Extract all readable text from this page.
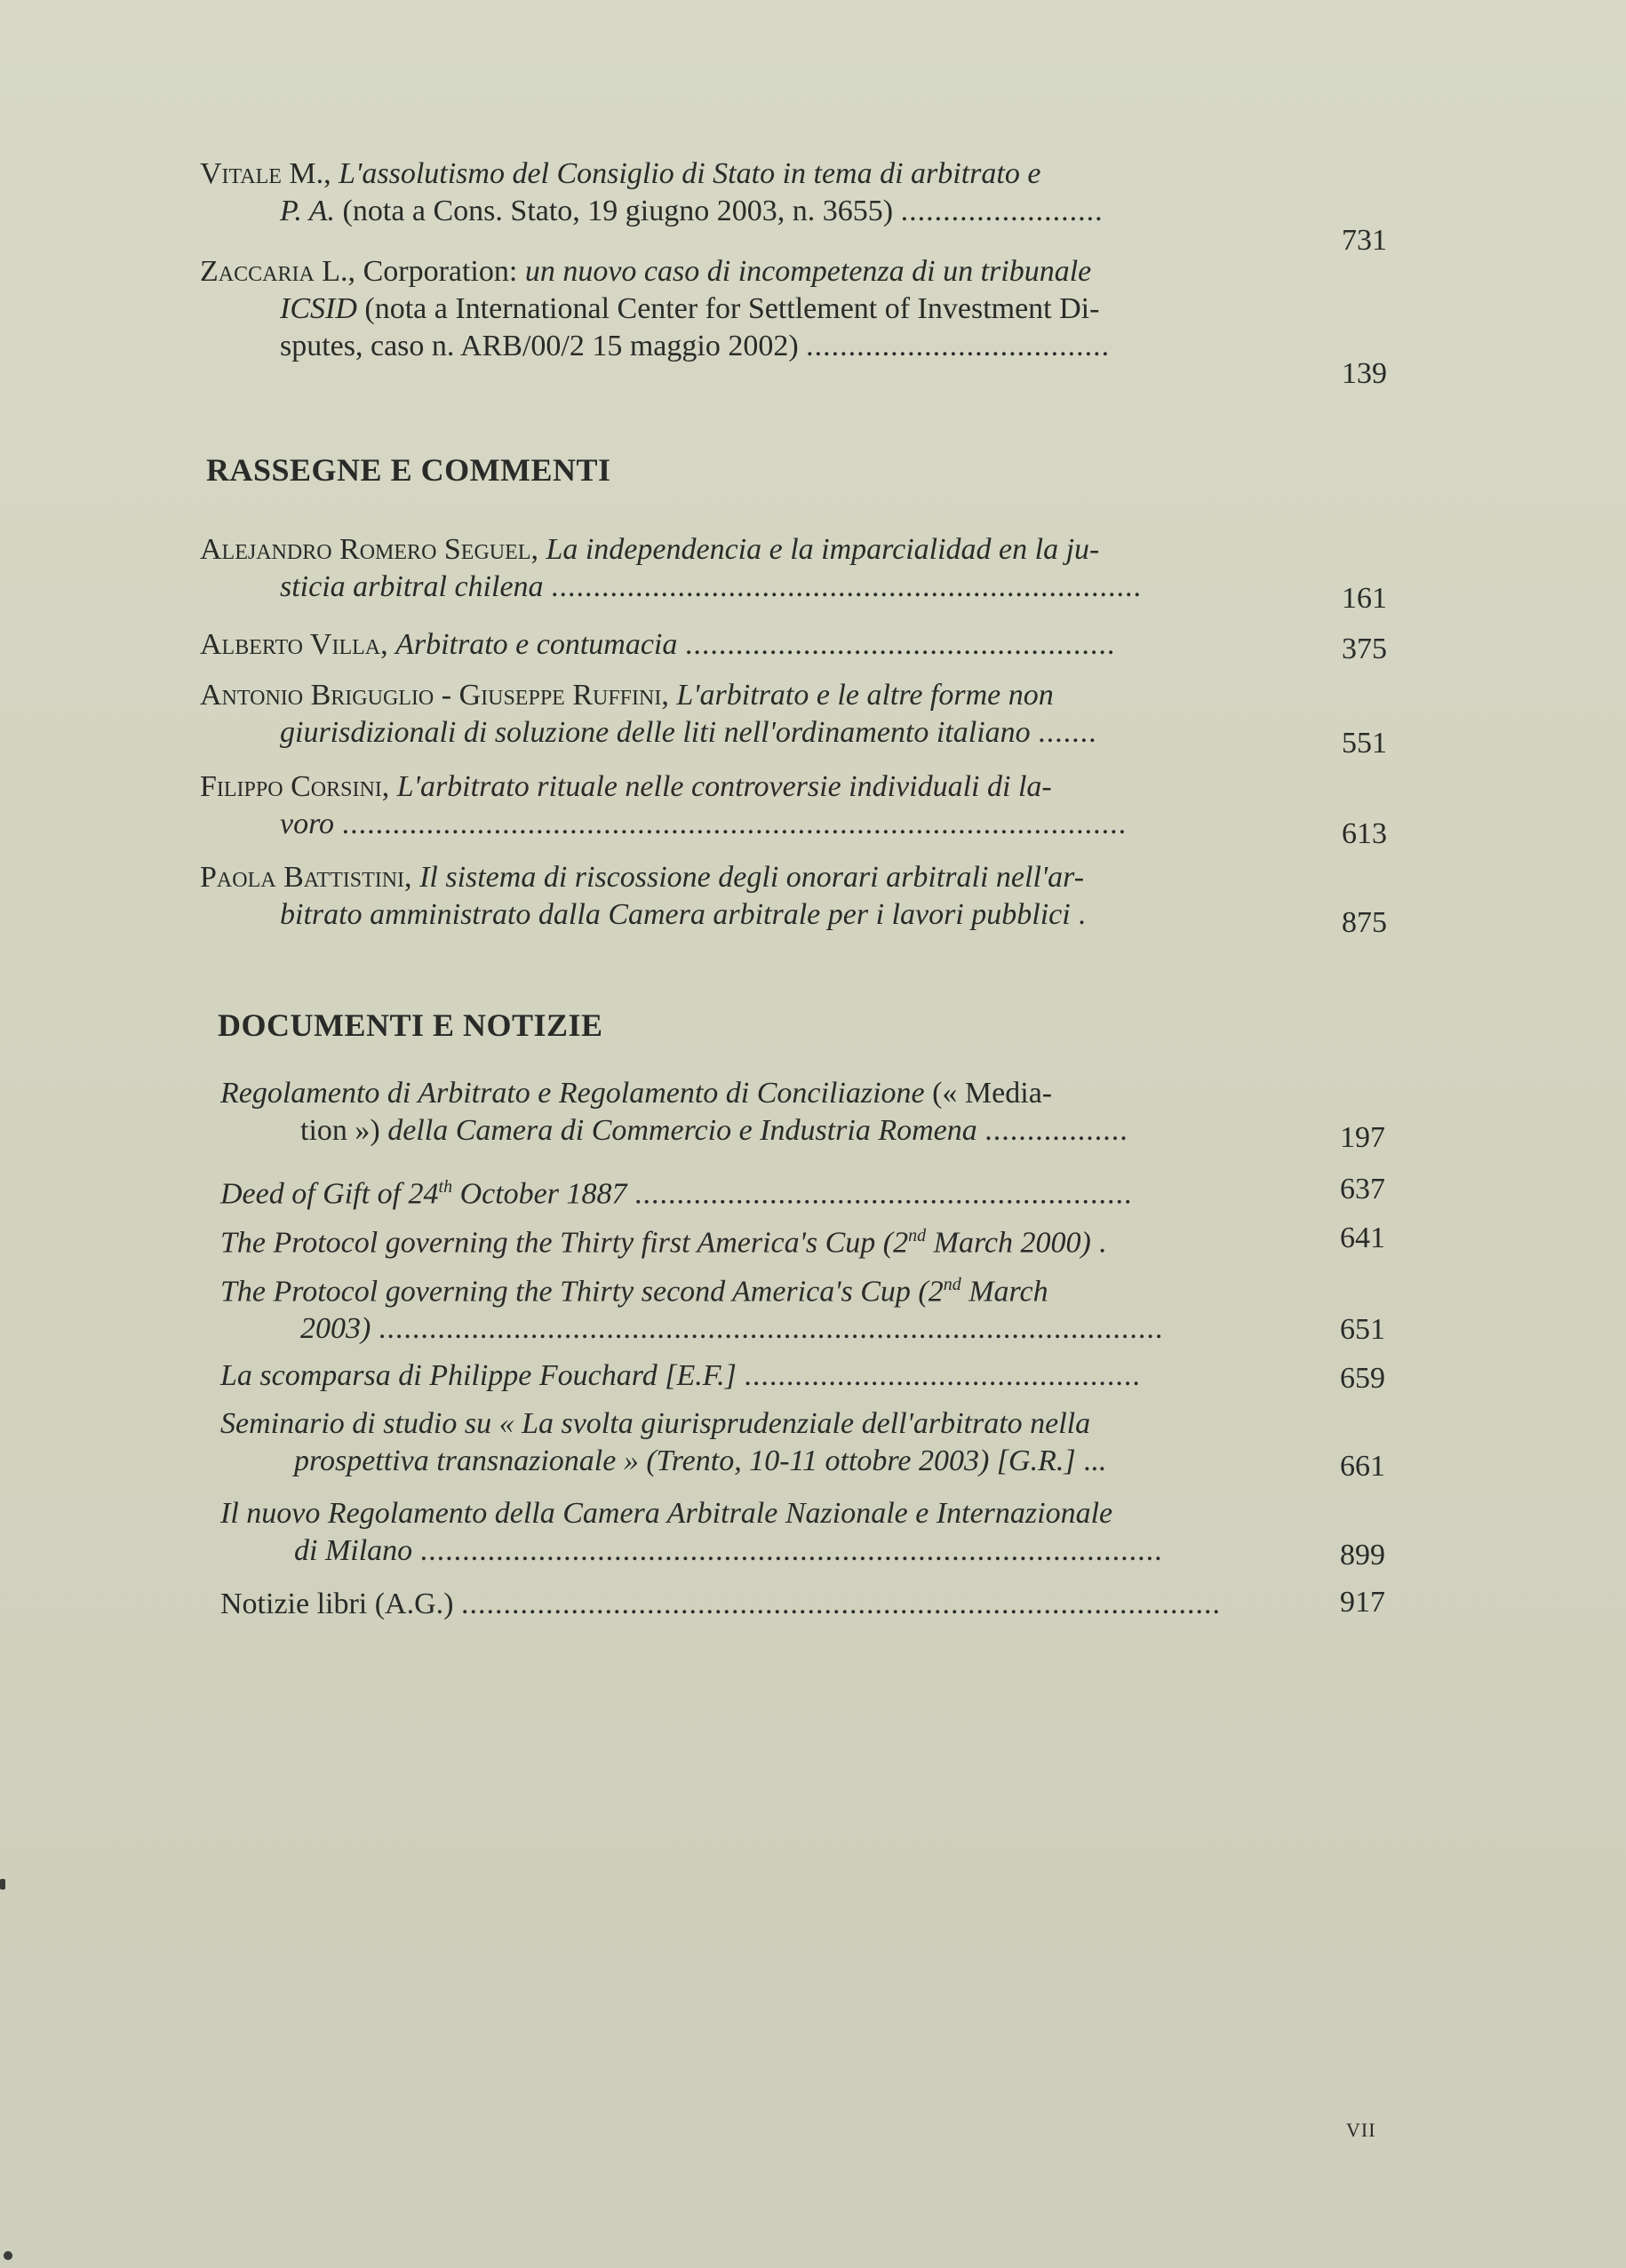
Vitale M., L'assolutismo del Consiglio di Stato in tema di arbitrato e
P. A. (nota a Cons. Stato, 19 giugno 2003, n. 3655) ........................
731
Zaccaria L., Corporation: un nuovo caso di incompetenza di un tribunale
ICSID (nota a International Center for Settlement of Investment Di-
sputes, caso n. ARB/00/2 15 maggio 2002) ....................................
139
RASSEGNE E COMMENTI
Alejandro Romero Seguel, La independencia e la imparcialidad en la ju-
sticia arbitral chilena ......................................................................	161
Alberto Villa, Arbitrato e contumacia ...................................................	375
Antonio Briguglio - Giuseppe Ruffini, L'arbitrato e le altre forme non
giurisdizionali di soluzione delle liti nell'ordinamento italiano .......	551
Filippo Corsini, L'arbitrato rituale nelle controversie individuali di la-
voro .............................................................................................	613
Paola Battistini, Il sistema di riscossione degli onorari arbitrali nell'ar-
bitrato amministrato dalla Camera arbitrale per i lavori pubblici .	875
DOCUMENTI E NOTIZIE
Regolamento di Arbitrato e Regolamento di Conciliazione (« Media-
tion ») della Camera di Commercio e Industria Romena .................	197
Deed of Gift of 24th October 1887 ...........................................................	637
The Protocol governing the Thirty first America's Cup (2nd March 2000) .	641
The Protocol governing the Thirty second America's Cup (2nd March
2003) .............................................................................................	651
La scomparsa di Philippe Fouchard [E.F.] ...............................................	659
Seminario di studio su « La svolta giurisprudenziale dell'arbitrato nella
prospettiva transnazionale » (Trento, 10-11 ottobre 2003) [G.R.] ...	661
Il nuovo Regolamento della Camera Arbitrale Nazionale e Internazionale
di Milano ........................................................................................	899
Notizie libri (A.G.) ..........................................................................................	917
VII
